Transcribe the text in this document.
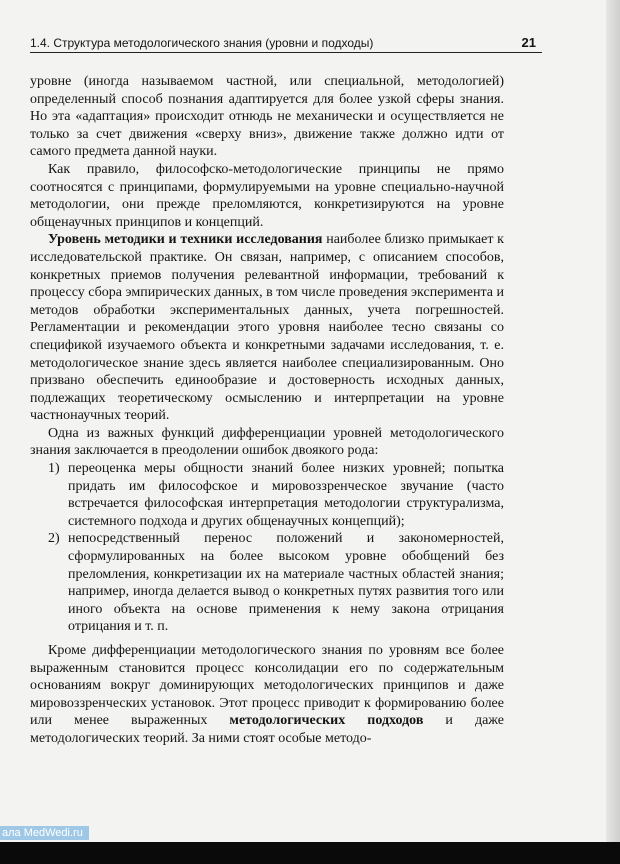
1.4. Структура методологического знания (уровни и подходы)	21

уровне (иногда называемом частной, или специальной, методологией) определенный способ познания адаптируется для более узкой сферы знания. Но эта «адаптация» происходит отнюдь не механически и осуществляется не только за счет движения «сверху вниз», движение также должно идти от самого предмета данной науки.

Как правило, философско-методологические принципы не прямо соотносятся с принципами, формулируемыми на уровне специально-научной методологии, они прежде преломляются, конкретизируются на уровне общенаучных принципов и концепций.

Уровень методики и техники исследования наиболее близко примыкает к исследовательской практике. Он связан, например, с описанием способов, конкретных приемов получения релевантной информации, требований к процессу сбора эмпирических данных, в том числе проведения эксперимента и методов обработки экспериментальных данных, учета погрешностей. Регламентации и рекомендации этого уровня наиболее тесно связаны со спецификой изучаемого объекта и конкретными задачами исследования, т. е. методологическое знание здесь является наиболее специализированным. Оно призвано обеспечить единообразие и достоверность исходных данных, подлежащих теоретическому осмыслению и интерпретации на уровне частнонаучных теорий.

Одна из важных функций дифференциации уровней методологического знания заключается в преодолении ошибок двоякого рода:

1) переоценка меры общности знаний более низких уровней; попытка придать им философское и мировоззренческое звучание (часто встречается философская интерпретация методологии структурализма, системного подхода и других общенаучных концепций);
2) непосредственный перенос положений и закономерностей, сформулированных на более высоком уровне обобщений без преломления, конкретизации их на материале частных областей знания; например, иногда делается вывод о конкретных путях развития того или иного объекта на основе применения к нему закона отрицания отрицания и т. п.

Кроме дифференциации методологического знания по уровням все более выраженным становится процесс консолидации его по содержательным основаниям вокруг доминирующих методологических принципов и даже мировоззренческих установок. Этот процесс приводит к формированию более или менее выраженных методологических подходов и даже методологических теорий. За ними стоят особые методо-

ала MedWedi.ru
